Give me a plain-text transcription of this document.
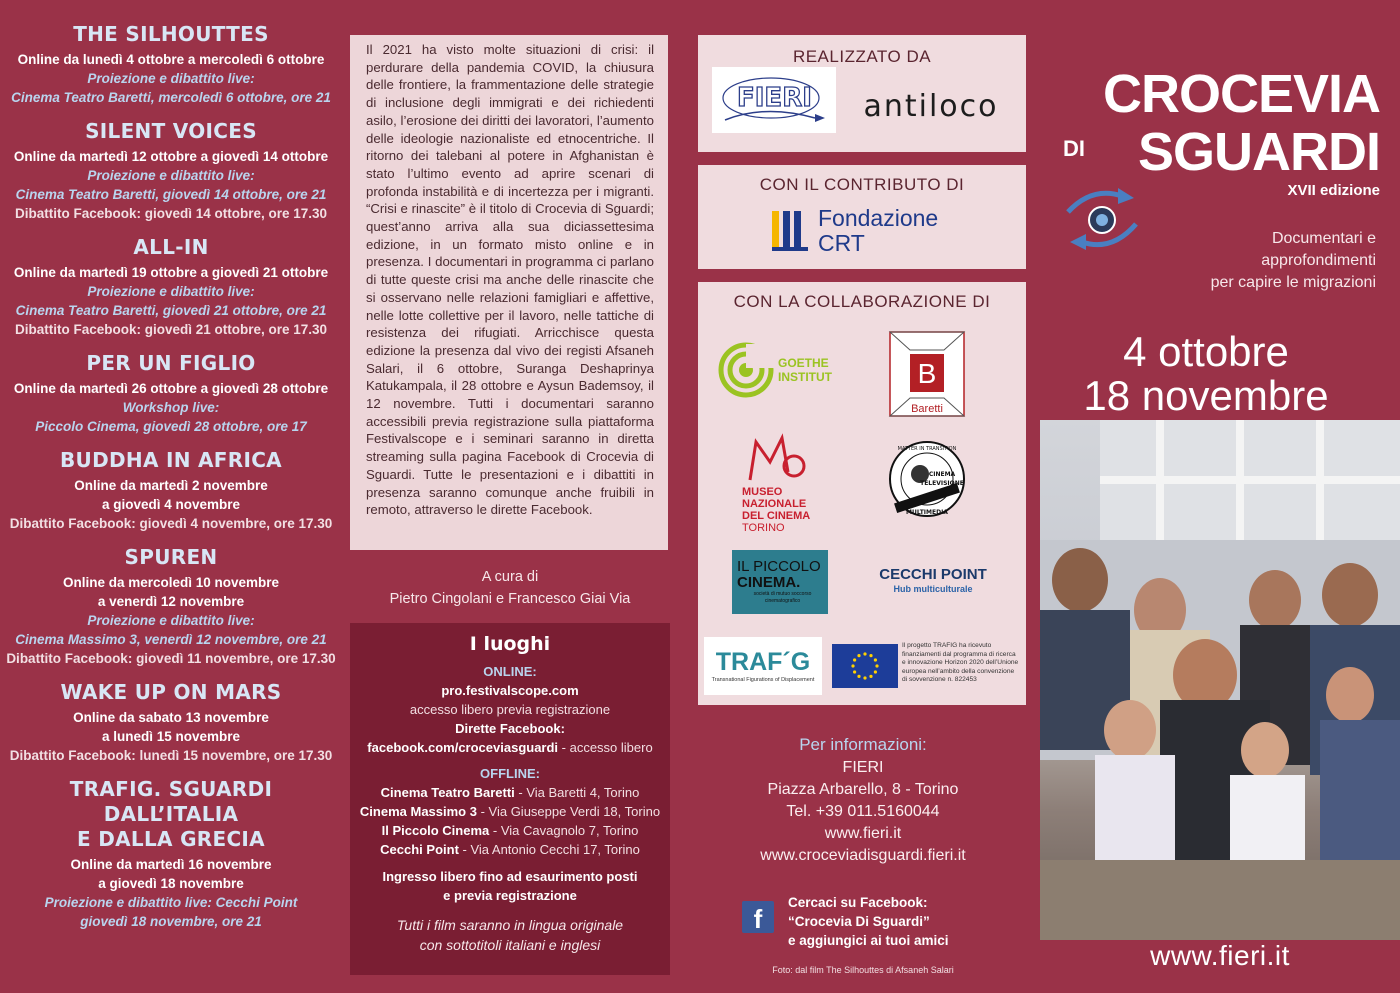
THE SILHOUTTES
Online da lunedì 4 ottobre a mercoledì 6 ottobre
Proiezione e dibattito live:
Cinema Teatro Baretti, mercoledì 6 ottobre, ore 21
SILENT VOICES
Online da martedì 12 ottobre a giovedì 14 ottobre
Proiezione e dibattito live:
Cinema Teatro Baretti, giovedì 14 ottobre, ore 21
Dibattito Facebook: giovedì 14 ottobre, ore 17.30
ALL-IN
Online da martedì 19 ottobre a giovedì 21 ottobre
Proiezione e dibattito live:
Cinema Teatro Baretti, giovedì 21 ottobre, ore 21
Dibattito Facebook: giovedì 21 ottobre, ore 17.30
PER UN FIGLIO
Online da martedì 26 ottobre a giovedì 28 ottobre
Workshop live:
Piccolo Cinema, giovedì 28 ottobre, ore 17
BUDDHA IN AFRICA
Online da martedì 2 novembre
a giovedì 4 novembre
Dibattito Facebook: giovedì 4 novembre, ore 17.30
SPUREN
Online da mercoledì 10 novembre
a venerdì 12 novembre
Proiezione e dibattito live:
Cinema Massimo 3, venerdì 12 novembre, ore 21
Dibattito Facebook: giovedì 11 novembre, ore 17.30
WAKE UP ON MARS
Online da sabato 13 novembre
a lunedì 15 novembre
Dibattito Facebook: lunedì 15 novembre, ore 17.30
TRAFIG. SGUARDI DALL’ITALIA
E DALLA GRECIA
Online da martedì 16 novembre
a giovedì 18 novembre
Proiezione e dibattito live: Cecchi Point
giovedì 18 novembre, ore 21
Il 2021 ha visto molte situazioni di crisi: il perdurare della pandemia COVID, la chiusura delle frontiere, la frammentazione delle strategie di inclusione degli immigrati e dei richiedenti asilo, l’erosione dei diritti dei lavoratori, l’aumento delle ideologie nazionaliste ed etnocentriche. Il ritorno dei talebani al potere in Afghanistan è stato l’ultimo evento ad aprire scenari di profonda instabilità e di incertezza per i migranti. “Crisi e rinascite” è il titolo di Crocevia di Sguardi; quest’anno arriva alla sua diciassettesima edizione, in un formato misto online e in presenza. I documentari in programma ci parlano di tutte queste crisi ma anche delle rinascite che si osservano nelle relazioni famigliari e affettive, nelle lotte collettive per il lavoro, nelle tattiche di resistenza dei rifugiati. Arricchisce questa edizione la presenza dal vivo dei registi Afsaneh Salari, il 6 ottobre, Suranga Deshaprinya Katukampala, il 28 ottobre e Aysun Bademsoy, il 12 novembre. Tutti i documentari saranno accessibili previa registrazione sulla piattaforma Festivalscope e i seminari saranno in diretta streaming sulla pagina Facebook di Crocevia di Sguardi. Tutte le presentazioni e i dibattiti in presenza saranno comunque anche fruibili in remoto, attraverso le dirette Facebook.
A cura di
Pietro Cingolani e Francesco Giai Via
I luoghi
ONLINE:
pro.festivalscope.com
accesso libero previa registrazione
Dirette Facebook:
facebook.com/croceviasguardi - accesso libero
OFFLINE:
Cinema Teatro Baretti - Via Baretti 4, Torino
Cinema Massimo 3 - Via Giuseppe Verdi 18, Torino
Il Piccolo Cinema - Via Cavagnolo 7, Torino
Cecchi Point - Via Antonio Cecchi 17, Torino
Ingresso libero fino ad esaurimento posti
e previa registrazione
Tutti i film saranno in lingua originale
con sottotitoli italiani e inglesi
REALIZZATO DA
FIERI antiloco
CON IL CONTRIBUTO DI
Fondazione
CRT
CON LA COLLABORAZIONE DI
GOETHE
INSTITUT	B
Baretti
MUSEO
NAZIONALE
DEL CINEMA
TORINO
MATTER IN TRANSITION
CINEMA
TELEVISIONE
MULTIMEDIA
IL PICCOLO
CINEMA.
società di mutuo soccorso cinematografico
CECCHI POINT
Hub multiculturale
TRAF´G
Transnational Figurations of Displacement
Il progetto TRAFIG ha ricevuto finanziamenti dal programma di ricerca e innovazione Horizon 2020 dell’Unione europea nell’ambito della convenzione di sovvenzione n. 822453
Per informazioni:
FIERI
Piazza Arbarello, 8 - Torino
Tel. +39 011.5160044
www.fieri.it
www.croceviadisguardi.fieri.it
f
Cercaci su Facebook:
“Crocevia Di Sguardi”
e aggiungici ai tuoi amici
Foto: dal film The Silhouttes di Afsaneh Salari
CROCEVIA
DI SGUARDI
XVII edizione
Documentari e
approfondimenti
per capire le migrazioni
4 ottobre
18 novembre
www.fieri.it
